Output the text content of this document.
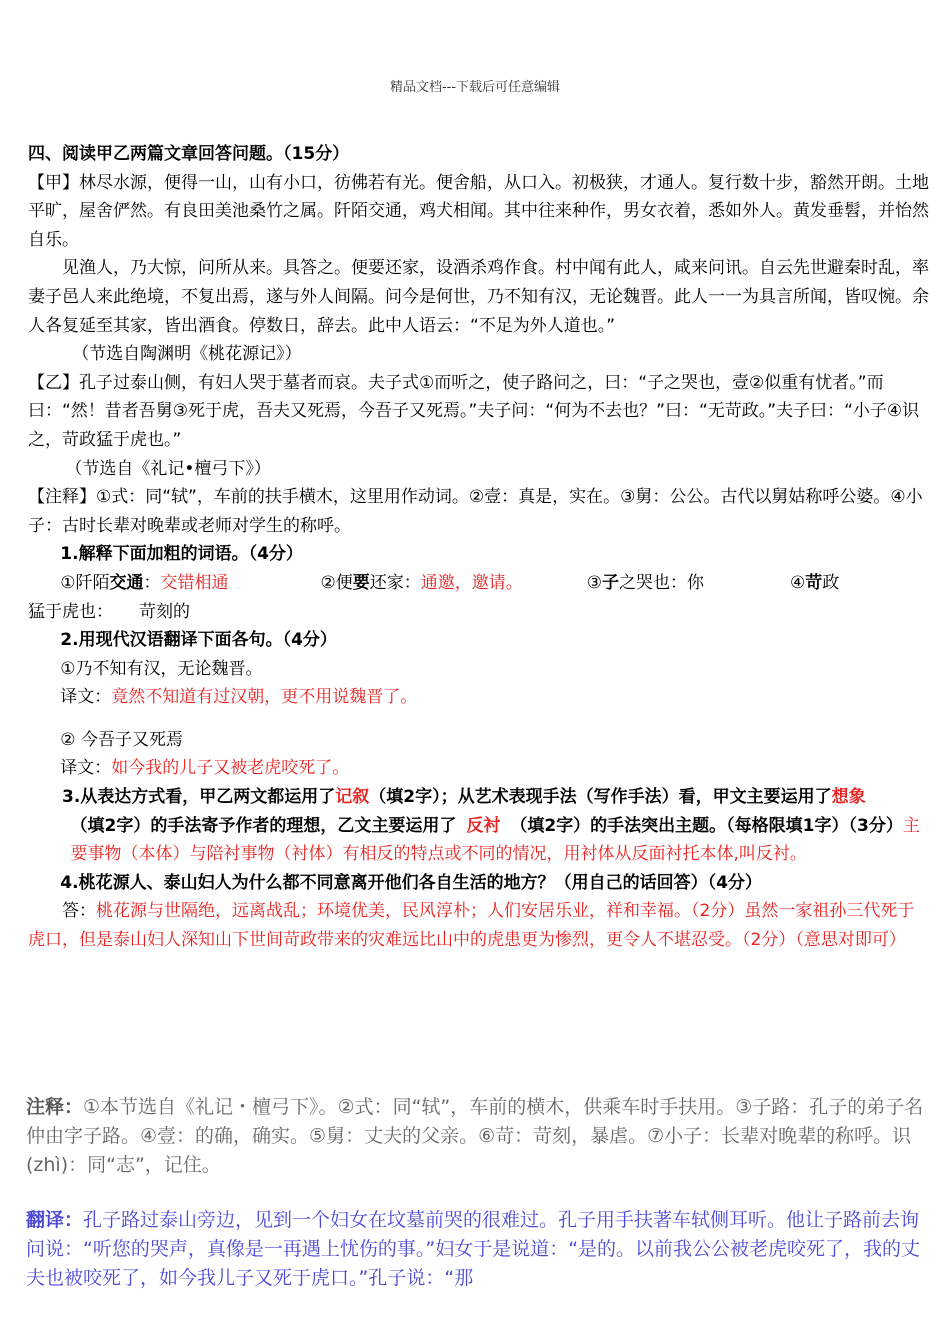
精品文档---下载后可任意编辑

四、阅读甲乙两篇文章回答问题。（15分）

【甲】林尽水源，便得一山，山有小口，彷佛若有光。便舍船，从口入。初极狭，才通人。复行数十步，豁然开朗。土地平旷，屋舍俨然。有良田美池桑竹之属。阡陌交通，鸡犬相闻。其中往来种作，男女衣着，悉如外人。黄发垂髫，并怡然自乐。

见渔人，乃大惊，问所从来。具答之。便要还家，设酒杀鸡作食。村中闻有此人，咸来问讯。自云先世避秦时乱，率妻子邑人来此绝境，不复出焉，遂与外人间隔。问今是何世，乃不知有汉，无论魏晋。此人一一为具言所闻，皆叹惋。余人各复延至其家，皆出酒食。停数日，辞去。此中人语云：“不足为外人道也。”

（节选自陶渊明《桃花源记》）

【乙】孔子过泰山侧，有妇人哭于墓者而哀。夫子式①而听之，使子路问之，曰：“子之哭也，壹②似重有忧者。”而曰：“然！昔者吾舅③死于虎，吾夫又死焉，今吾子又死焉。”夫子问：“何为不去也？”曰：“无苛政。”夫子曰：“小子④识之，苛政猛于虎也。”

（节选自《礼记•檀弓下》）

【注释】①式：同“轼”，车前的扶手横木，这里用作动词。②壹：真是，实在。③舅：公公。古代以舅姑称呼公婆。④小子：古时长辈对晚辈或老师对学生的称呼。

1.解释下面加粗的词语。（4分）

①阡陌交通：交错相通	②便要还家：通邀，邀请。	③子之哭也：你	④苛政

猛于虎也： 苛刻的

2.用现代汉语翻译下面各句。（4分）

①乃不知有汉，无论魏晋。

译文：竟然不知道有过汉朝，更不用说魏晋了。

② 今吾子又死焉

译文：如今我的儿子又被老虎咬死了。

3.从表达方式看，甲乙两文都运用了记叙（填2字）；从艺术表现手法（写作手法）看，甲文主要运用了想象

（填2字）的手法寄予作者的理想，乙文主要运用了 反衬 （填2字）的手法突出主题。（每格限填1字）（3分）主要事物（本体）与陪衬事物（衬体）有相反的特点或不同的情况，用衬体从反面衬托本体,叫反衬。

4.桃花源人、泰山妇人为什么都不同意离开他们各自生活的地方？（用自己的话回答）（4分）

答：桃花源与世隔绝，远离战乱；环境优美，民风淳朴；人们安居乐业，祥和幸福。（2分）虽然一家祖孙三代死于虎口，但是泰山妇人深知山下世间苛政带来的灾难远比山中的虎患更为惨烈，更令人不堪忍受。（2分）（意思对即可）

注释：①本节选自《礼记・檀弓下》。②式：同“轼”，车前的横木，供乘车时手扶用。③子路：孔子的弟子名仲由字子路。④壹：的确，确实。⑤舅：丈夫的父亲。⑥苛：苛刻，暴虐。⑦小子：长辈对晚辈的称呼。识(zhì)：同“志”，记住。
翻译：孔子路过泰山旁边，见到一个妇女在坟墓前哭的很难过。孔子用手扶著车轼侧耳听。他让子路前去询问说：“听您的哭声，真像是一再遇上忧伤的事。”妇女于是说道：“是的。以前我公公被老虎咬死了，我的丈夫也被咬死了，如今我儿子又死于虎口。”孔子说：“那
